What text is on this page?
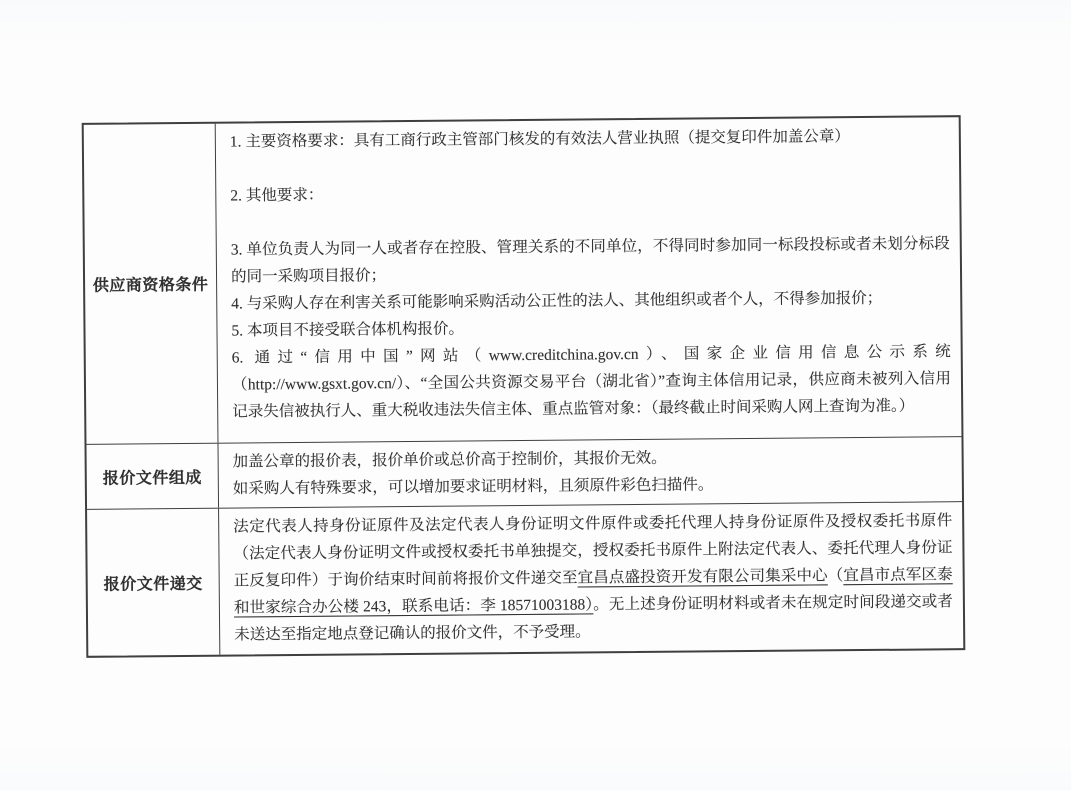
供应商资格条件
1. 主要资格要求：具有工商行政主管部门核发的有效法人营业执照（提交复印件加盖公章）

2. 其他要求：

3. 单位负责人为同一人或者存在控股、管理关系的不同单位，不得同时参加同一标段投标或者未划分标段的同一采购项目报价；
4. 与采购人存在利害关系可能影响采购活动公正性的法人、其他组织或者个人，不得参加报价；
5. 本项目不接受联合体机构报价。
6. 通过“信用中国”网站（www.creditchina.gov.cn）、国家企业信用信息公示系统（http://www.gsxt.gov.cn/）、“全国公共资源交易平台（湖北省）”查询主体信用记录，供应商未被列入信用记录失信被执行人、重大税收违法失信主体、重点监管对象：（最终截止时间采购人网上查询为准。）
报价文件组成
加盖公章的报价表，报价单价或总价高于控制价，其报价无效。
如采购人有特殊要求，可以增加要求证明材料，且须原件彩色扫描件。
报价文件递交
法定代表人持身份证原件及法定代表人身份证明文件原件或委托代理人持身份证原件及授权委托书原件（法定代表人身份证明文件或授权委托书单独提交，授权委托书原件上附法定代表人、委托代理人身份证正反复印件）于询价结束时间前将报价文件递交至宜昌点盛投资开发有限公司集采中心（宜昌市点军区泰和世家综合办公楼 243，联系电话：李 18571003188）。无上述身份证明材料或者未在规定时间段递交或者未送达至指定地点登记确认的报价文件，不予受理。
